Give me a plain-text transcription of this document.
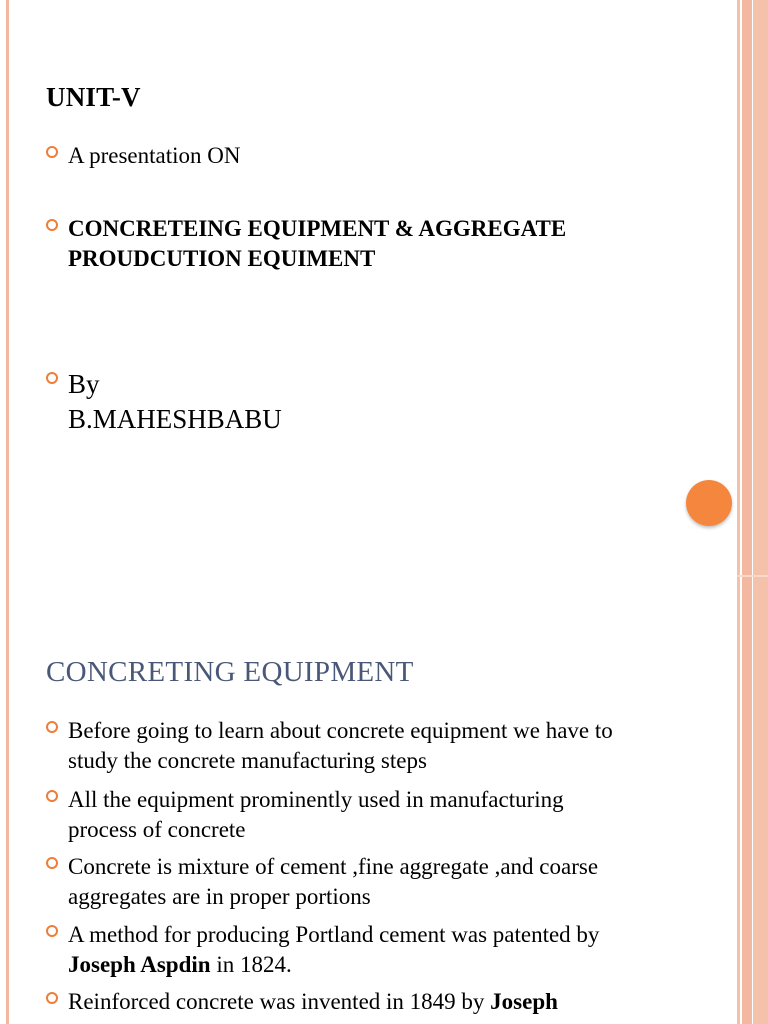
UNIT-V
A presentation ON
CONCRETEING EQUIPMENT & AGGREGATE PROUDCUTION EQUIMENT
By
B.MAHESHBABU
CONCRETING EQUIPMENT
Before going to learn about concrete equipment we have to study the concrete manufacturing steps
All the equipment prominently used in manufacturing process of concrete
Concrete is mixture of cement ,fine aggregate ,and coarse aggregates are in proper portions
A method for producing Portland cement was patented by Joseph Aspdin in 1824.
Reinforced concrete was invented in 1849 by Joseph
